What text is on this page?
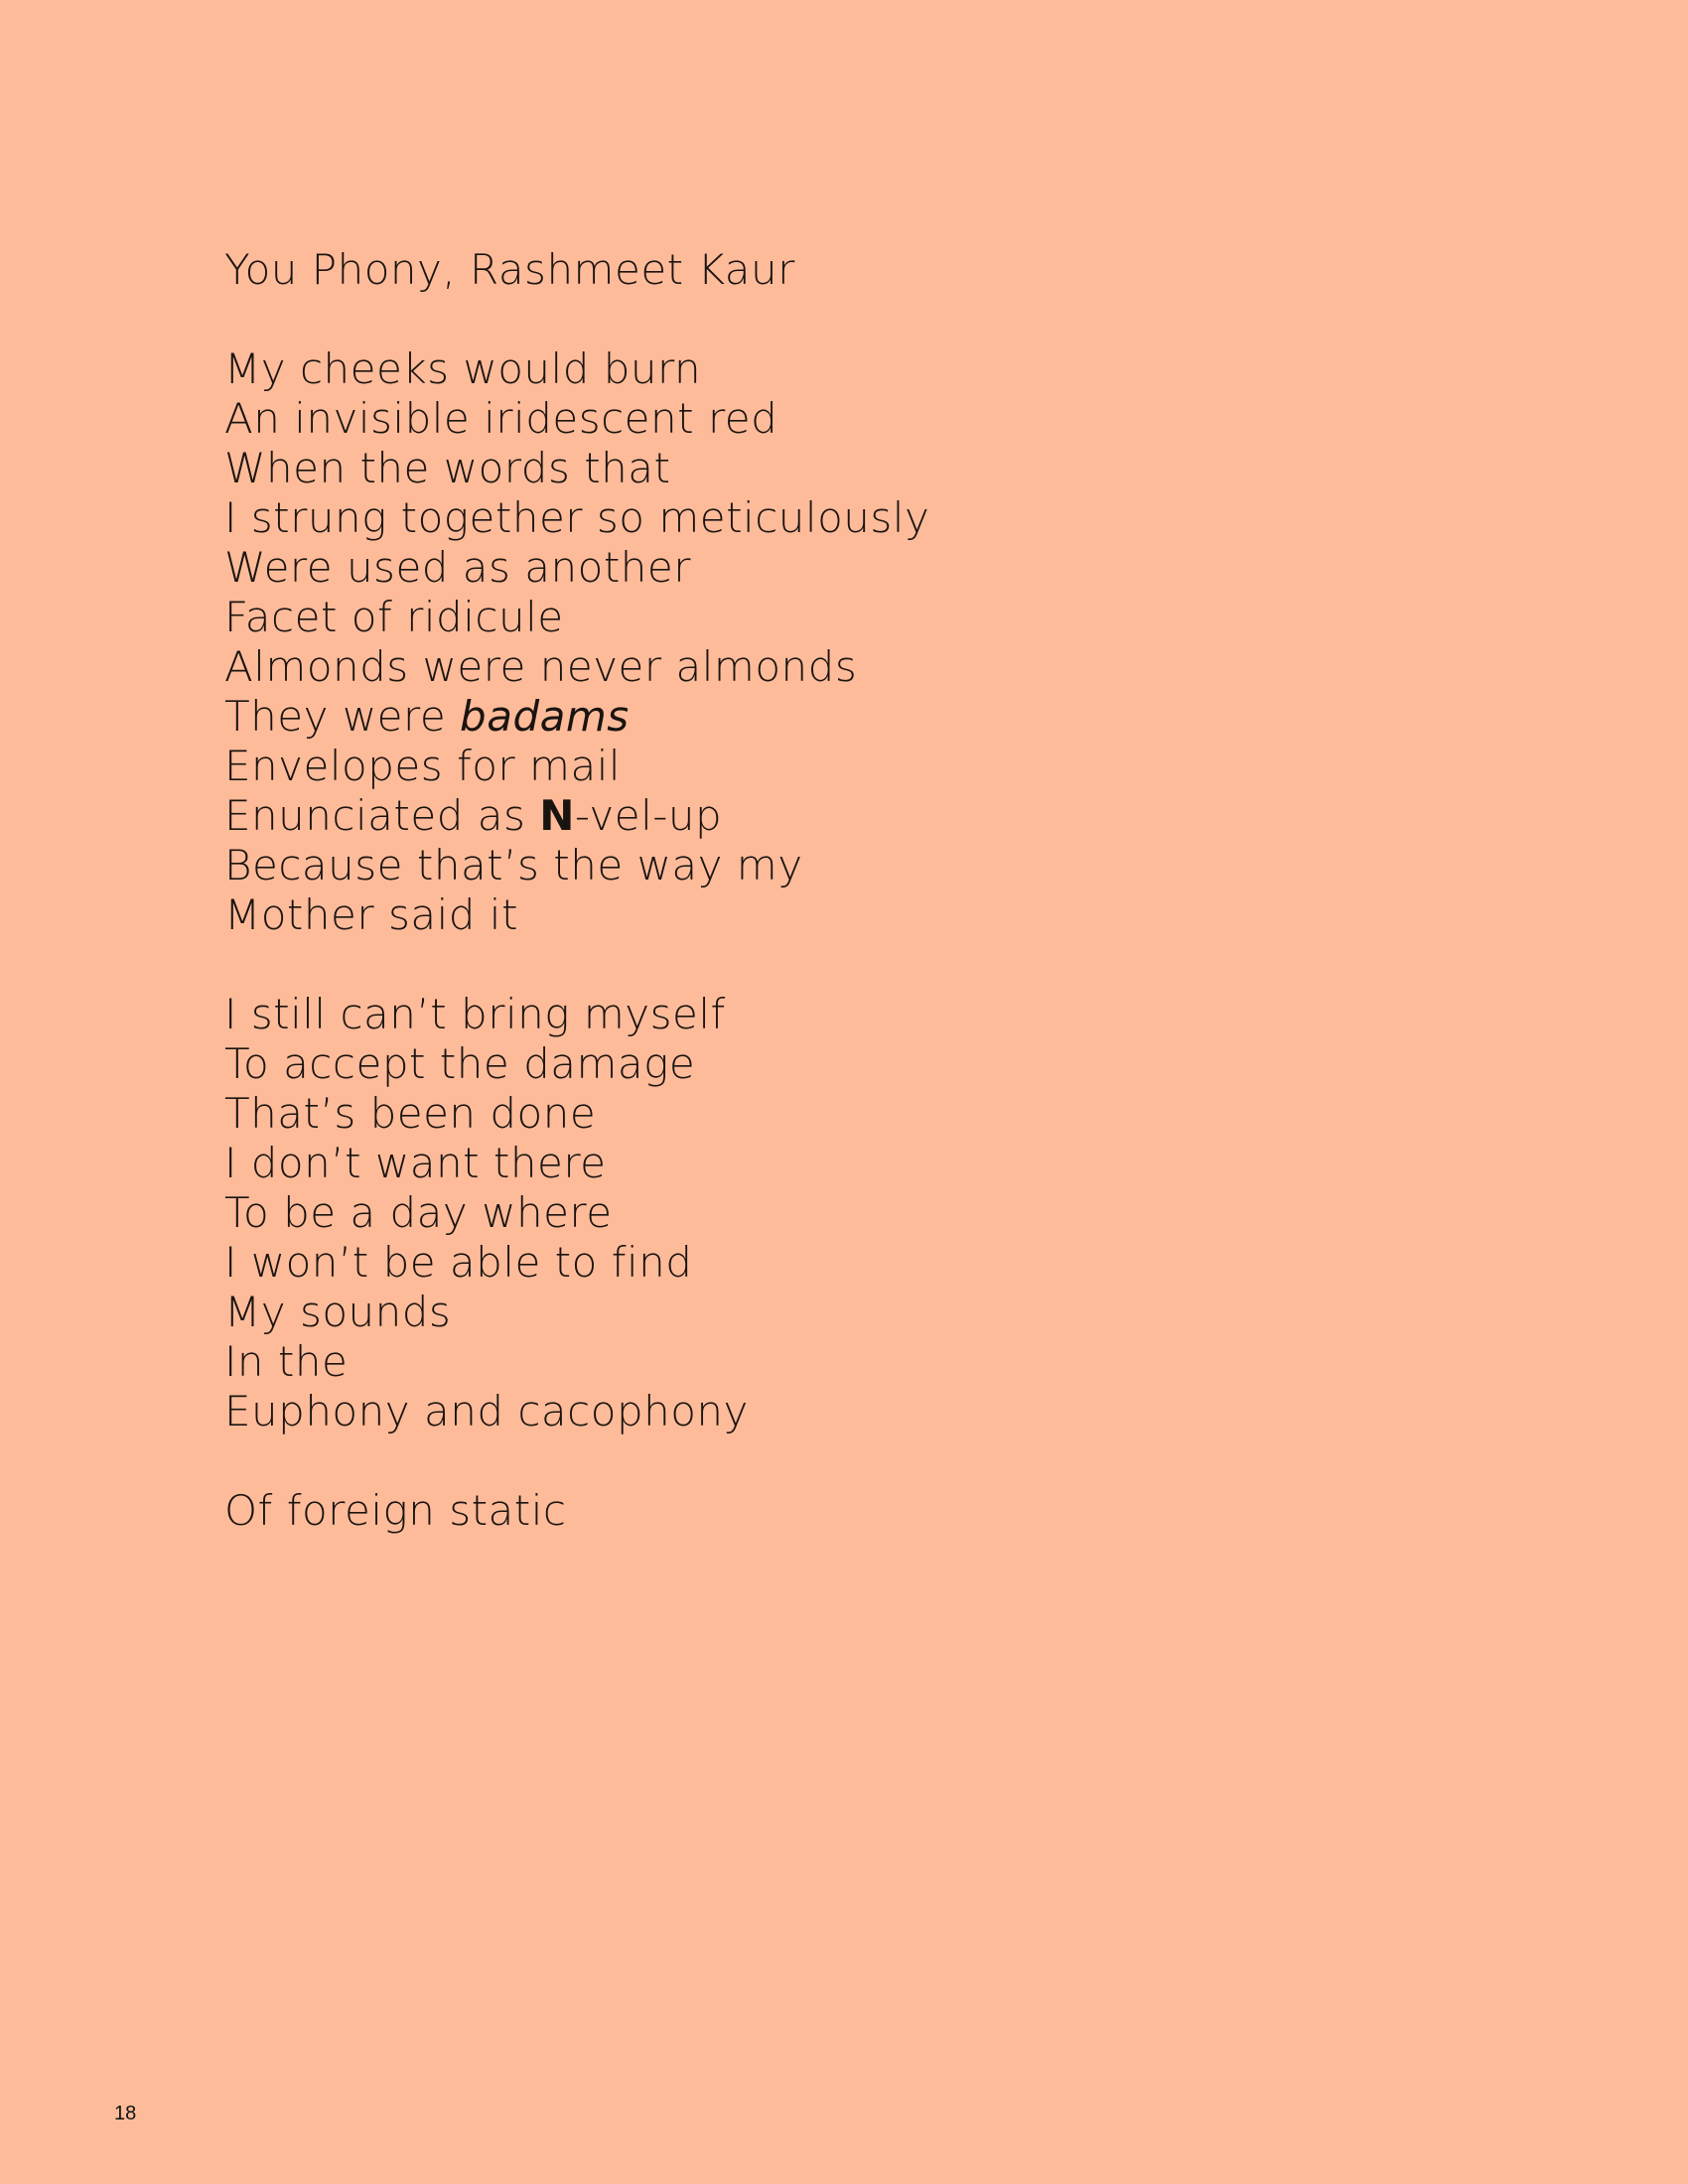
You Phony, Rashmeet Kaur
My cheeks would burn
An invisible iridescent red
When the words that
I strung together so meticulously
Were used as another
Facet of ridicule
Almonds were never almonds
They were badams
Envelopes for mail
Enunciated as N-vel-up
Because that’s the way my
Mother said it
I still can’t bring myself
To accept the damage
That’s been done
I don’t want there
To be a day where
I won’t be able to find
My sounds
In the
Euphony and cacophony
Of foreign static
18
